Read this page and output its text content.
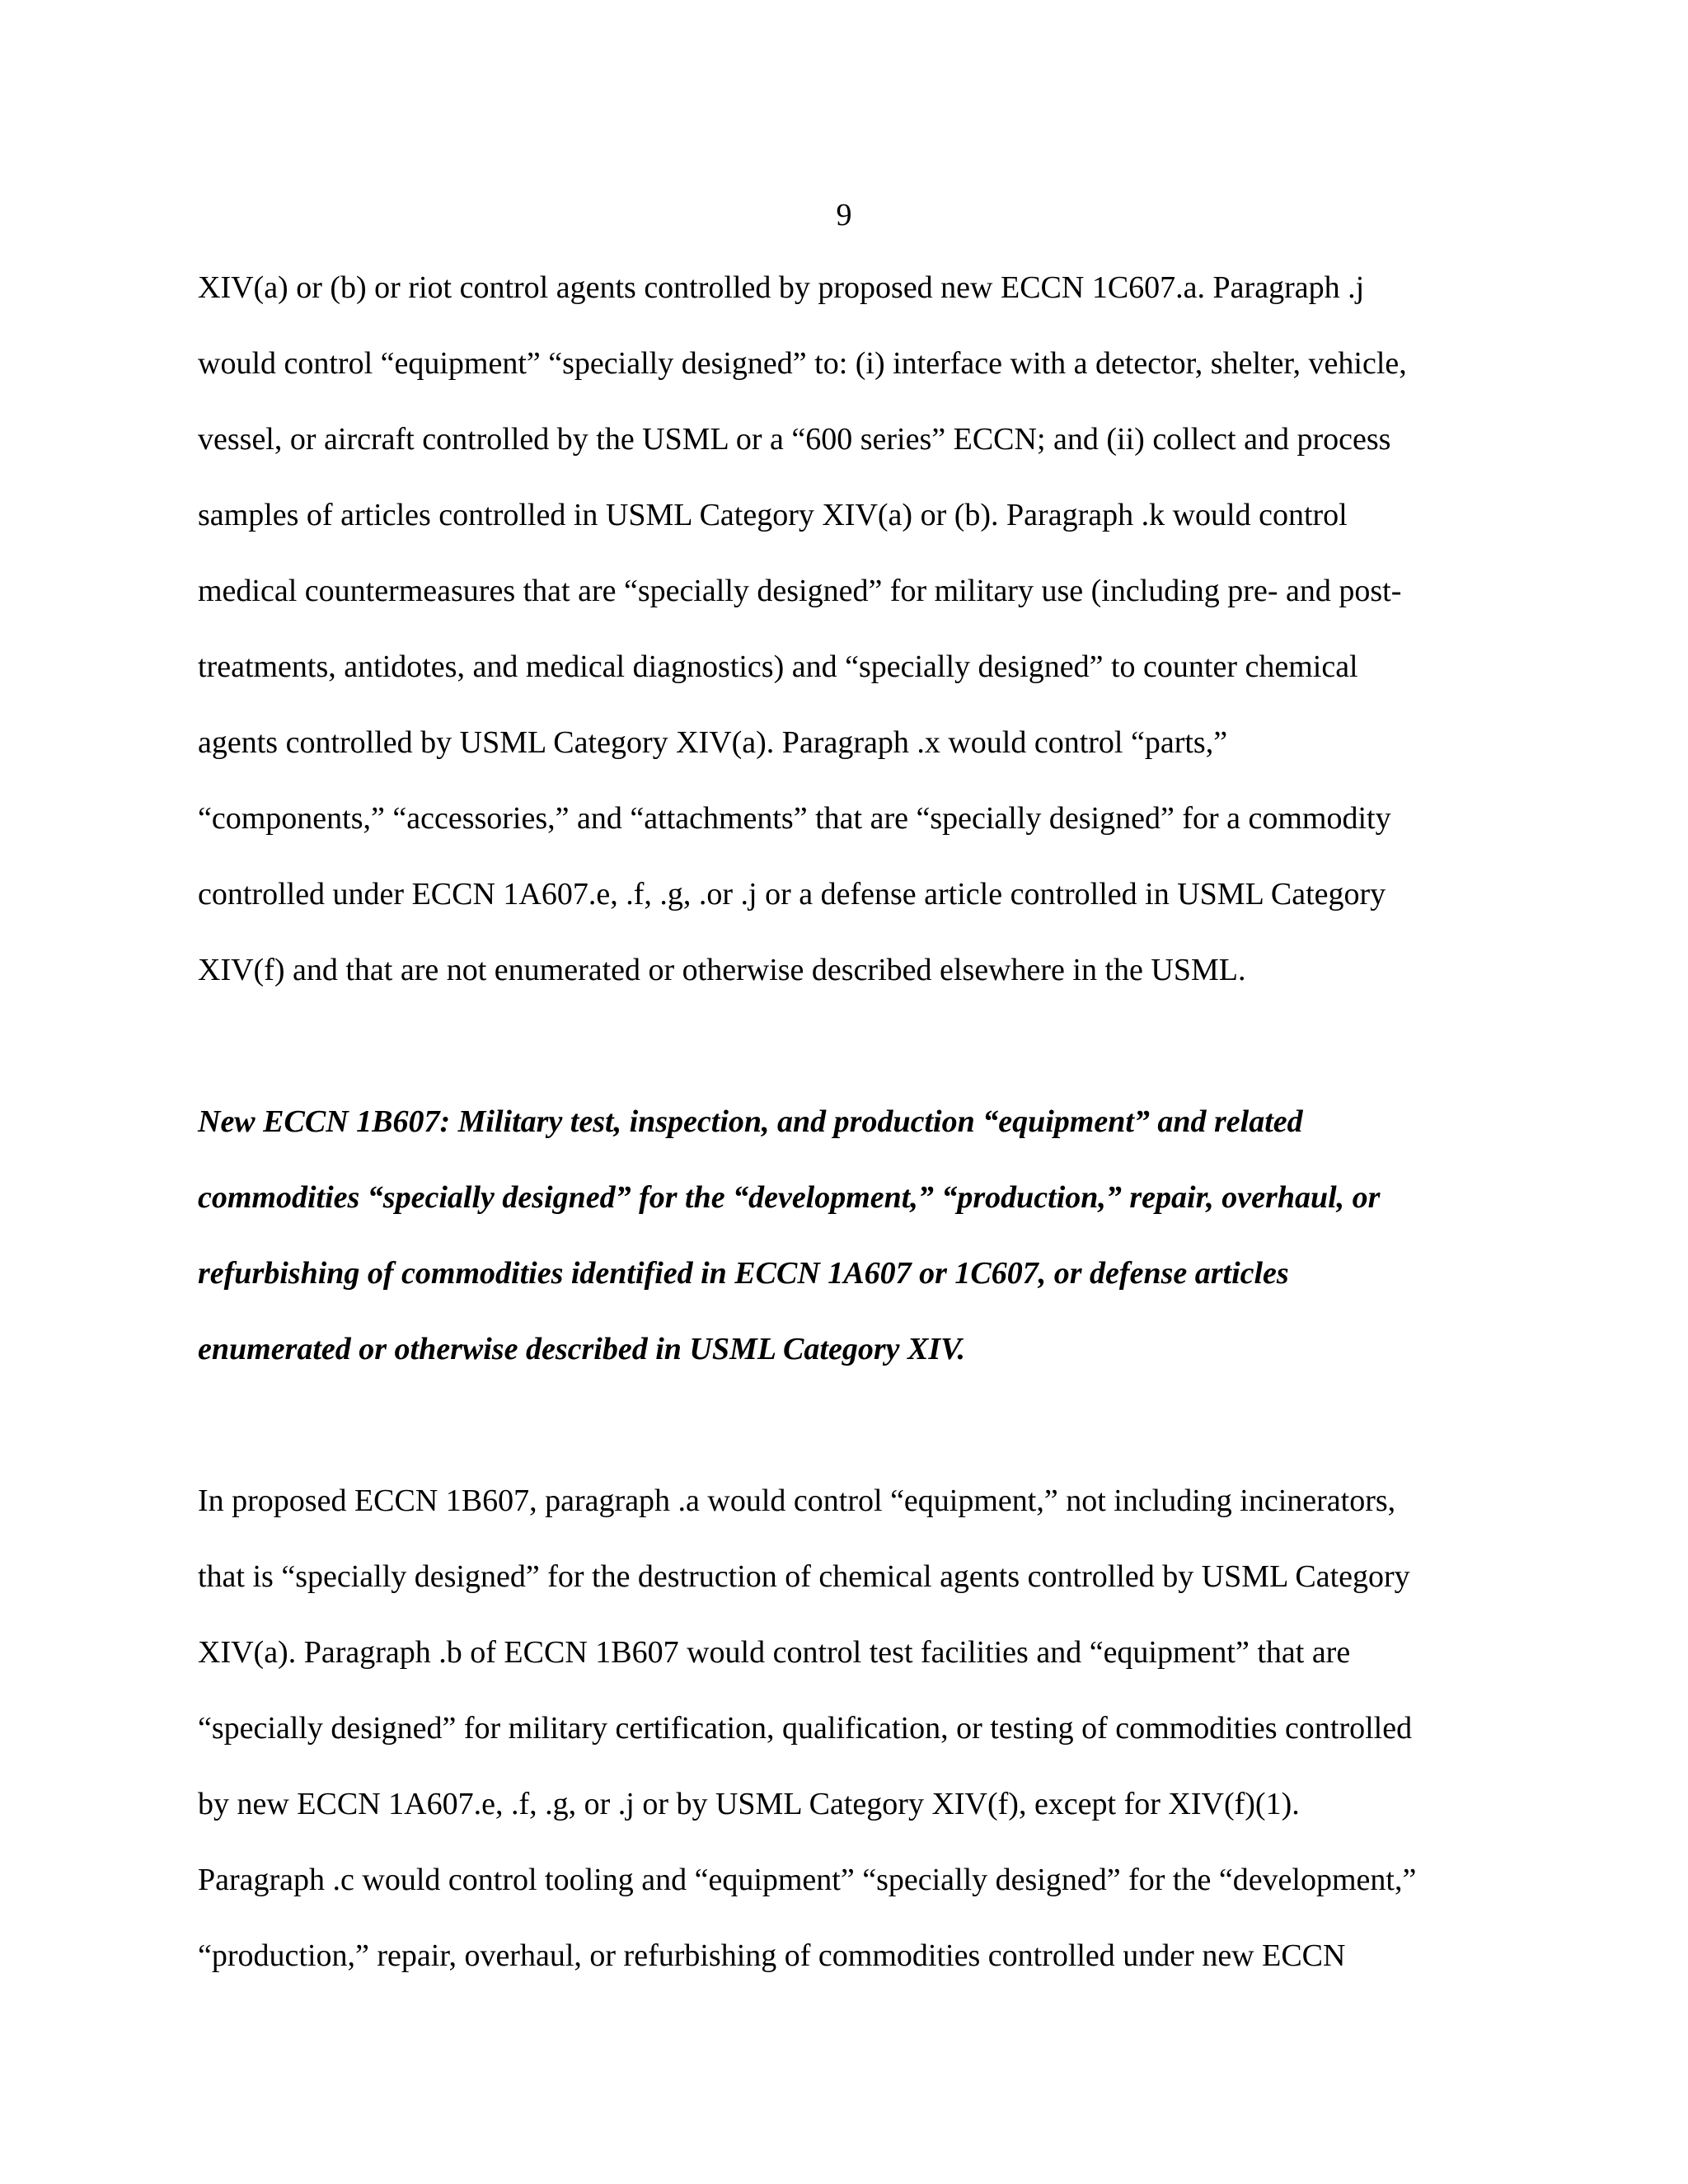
9
XIV(a) or (b) or riot control agents controlled by proposed new ECCN 1C607.a. Paragraph .j
would control “equipment” “specially designed” to: (i) interface with a detector, shelter, vehicle,
vessel, or aircraft controlled by the USML or a “600 series” ECCN; and (ii) collect and process
samples of articles controlled in USML Category XIV(a) or (b). Paragraph .k would control
medical countermeasures that are “specially designed” for military use (including pre- and post-
treatments, antidotes, and medical diagnostics) and “specially designed” to counter chemical
agents controlled by USML Category XIV(a). Paragraph .x would control “parts,”
“components,” “accessories,” and “attachments” that are “specially designed” for a commodity
controlled under ECCN 1A607.e, .f, .g, .or .j or a defense article controlled in USML Category
XIV(f) and that are not enumerated or otherwise described elsewhere in the USML.
New ECCN 1B607: Military test, inspection, and production “equipment” and related
commodities “specially designed” for the “development,” “production,” repair, overhaul, or
refurbishing of commodities identified in ECCN 1A607 or 1C607, or defense articles
enumerated or otherwise described in USML Category XIV.
In proposed ECCN 1B607, paragraph .a would control “equipment,” not including incinerators,
that is “specially designed” for the destruction of chemical agents controlled by USML Category
XIV(a). Paragraph .b of ECCN 1B607 would control test facilities and “equipment” that are
“specially designed” for military certification, qualification, or testing of commodities controlled
by new ECCN 1A607.e, .f, .g, or .j or by USML Category XIV(f), except for XIV(f)(1).
Paragraph .c would control tooling and “equipment” “specially designed” for the “development,”
“production,” repair, overhaul, or refurbishing of commodities controlled under new ECCN
